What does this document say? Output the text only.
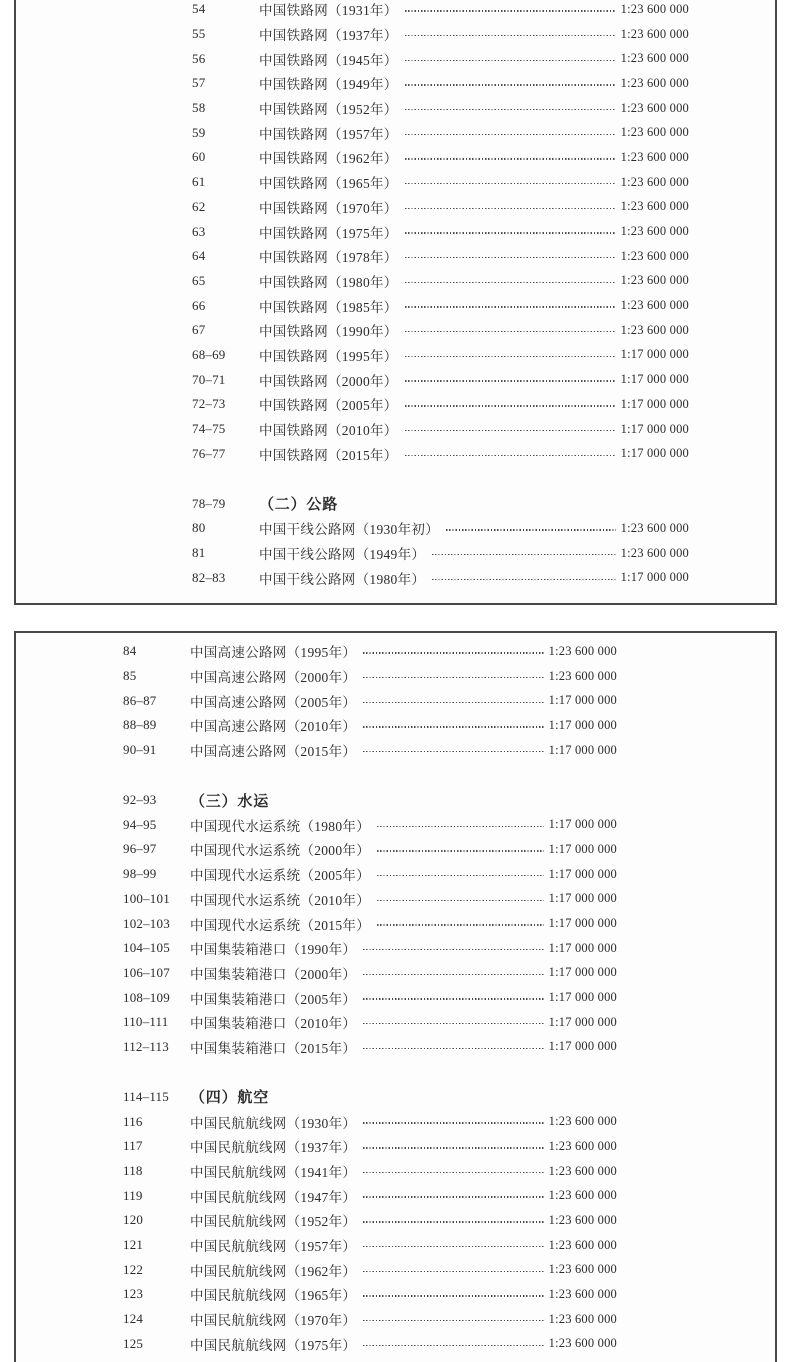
54	中国铁路网（1931年）	1:23 600 000
55	中国铁路网（1937年）	1:23 600 000
56	中国铁路网（1945年）	1:23 600 000
57	中国铁路网（1949年）	1:23 600 000
58	中国铁路网（1952年）	1:23 600 000
59	中国铁路网（1957年）	1:23 600 000
60	中国铁路网（1962年）	1:23 600 000
61	中国铁路网（1965年）	1:23 600 000
62	中国铁路网（1970年）	1:23 600 000
63	中国铁路网（1975年）	1:23 600 000
64	中国铁路网（1978年）	1:23 600 000
65	中国铁路网（1980年）	1:23 600 000
66	中国铁路网（1985年）	1:23 600 000
67	中国铁路网（1990年）	1:23 600 000
68–69	中国铁路网（1995年）	1:17 000 000
70–71	中国铁路网（2000年）	1:17 000 000
72–73	中国铁路网（2005年）	1:17 000 000
74–75	中国铁路网（2010年）	1:17 000 000
76–77	中国铁路网（2015年）	1:17 000 000
78–79	（二）公路
80	中国干线公路网（1930年初）	1:23 600 000
81	中国干线公路网（1949年）	1:23 600 000
82–83	中国干线公路网（1980年）	1:17 000 000
84	中国高速公路网（1995年）	1:23 600 000
85	中国高速公路网（2000年）	1:23 600 000
86–87	中国高速公路网（2005年）	1:17 000 000
88–89	中国高速公路网（2010年）	1:17 000 000
90–91	中国高速公路网（2015年）	1:17 000 000
92–93	（三）水运
94–95	中国现代水运系统（1980年）	1:17 000 000
96–97	中国现代水运系统（2000年）	1:17 000 000
98–99	中国现代水运系统（2005年）	1:17 000 000
100–101	中国现代水运系统（2010年）	1:17 000 000
102–103	中国现代水运系统（2015年）	1:17 000 000
104–105	中国集装箱港口（1990年）	1:17 000 000
106–107	中国集装箱港口（2000年）	1:17 000 000
108–109	中国集装箱港口（2005年）	1:17 000 000
110–111	中国集装箱港口（2010年）	1:17 000 000
112–113	中国集装箱港口（2015年）	1:17 000 000
114–115	（四）航空
116	中国民航航线网（1930年）	1:23 600 000
117	中国民航航线网（1937年）	1:23 600 000
118	中国民航航线网（1941年）	1:23 600 000
119	中国民航航线网（1947年）	1:23 600 000
120	中国民航航线网（1952年）	1:23 600 000
121	中国民航航线网（1957年）	1:23 600 000
122	中国民航航线网（1962年）	1:23 600 000
123	中国民航航线网（1965年）	1:23 600 000
124	中国民航航线网（1970年）	1:23 600 000
125	中国民航航线网（1975年）	1:23 600 000
